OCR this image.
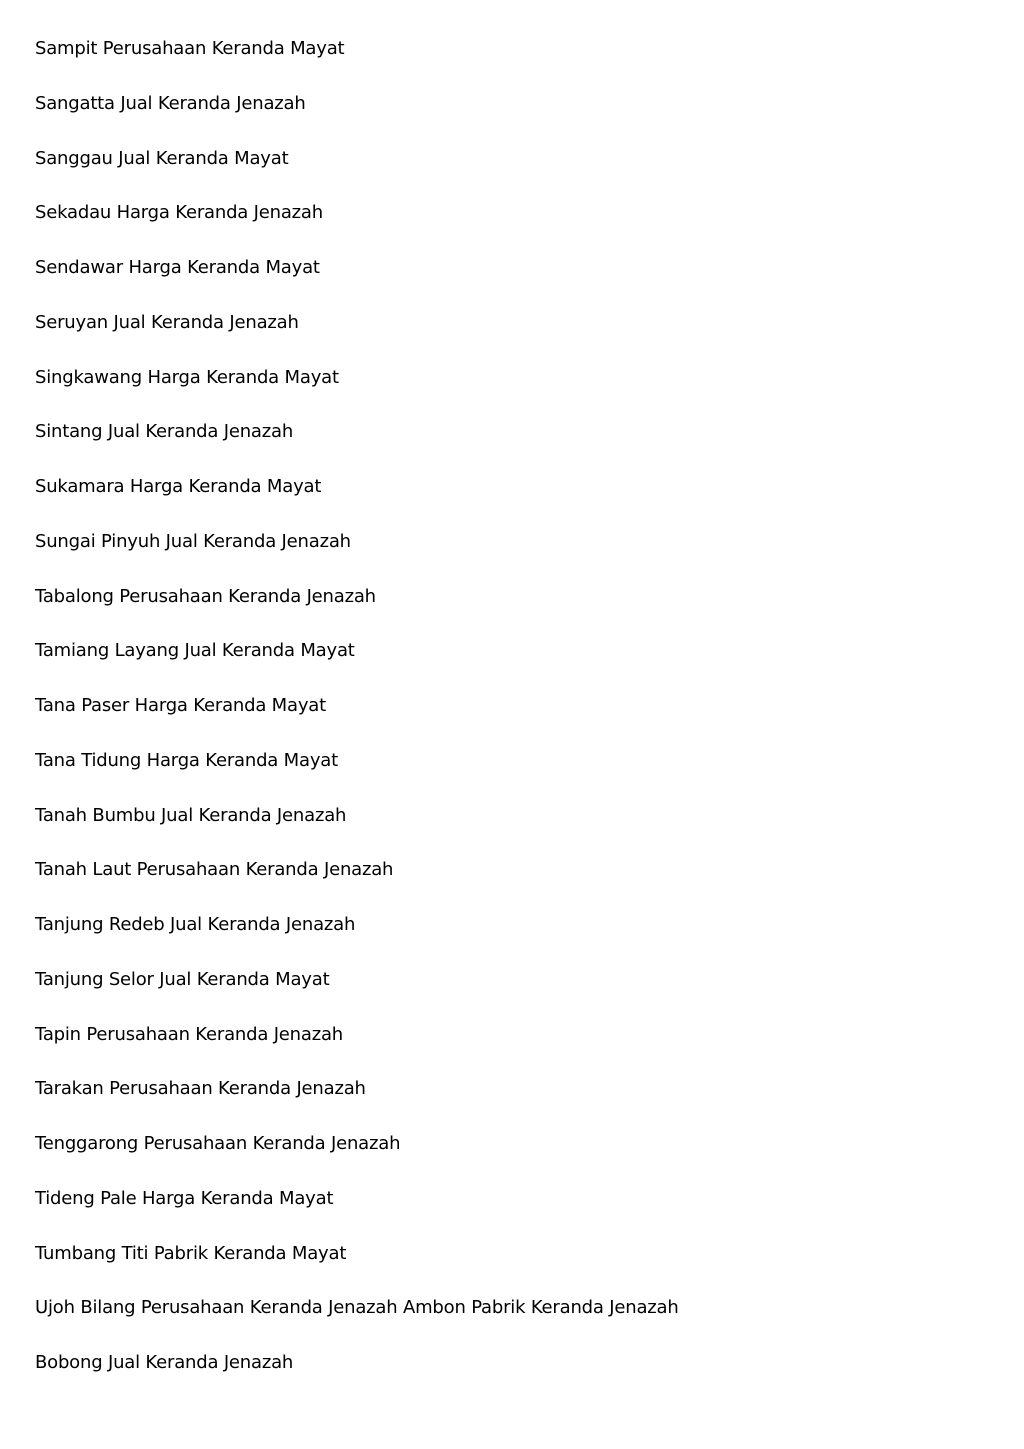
Sampit Perusahaan Keranda Mayat

Sangatta Jual Keranda Jenazah

Sanggau Jual Keranda Mayat

Sekadau Harga Keranda Jenazah

Sendawar Harga Keranda Mayat

Seruyan Jual Keranda Jenazah

Singkawang Harga Keranda Mayat

Sintang Jual Keranda Jenazah

Sukamara Harga Keranda Mayat

Sungai Pinyuh Jual Keranda Jenazah

Tabalong Perusahaan Keranda Jenazah

Tamiang Layang Jual Keranda Mayat

Tana Paser Harga Keranda Mayat

Tana Tidung Harga Keranda Mayat

Tanah Bumbu Jual Keranda Jenazah

Tanah Laut Perusahaan Keranda Jenazah

Tanjung Redeb Jual Keranda Jenazah

Tanjung Selor Jual Keranda Mayat

Tapin Perusahaan Keranda Jenazah

Tarakan Perusahaan Keranda Jenazah

Tenggarong Perusahaan Keranda Jenazah

Tideng Pale Harga Keranda Mayat

Tumbang Titi Pabrik Keranda Mayat

Ujoh Bilang Perusahaan Keranda Jenazah Ambon Pabrik Keranda Jenazah

Bobong Jual Keranda Jenazah
